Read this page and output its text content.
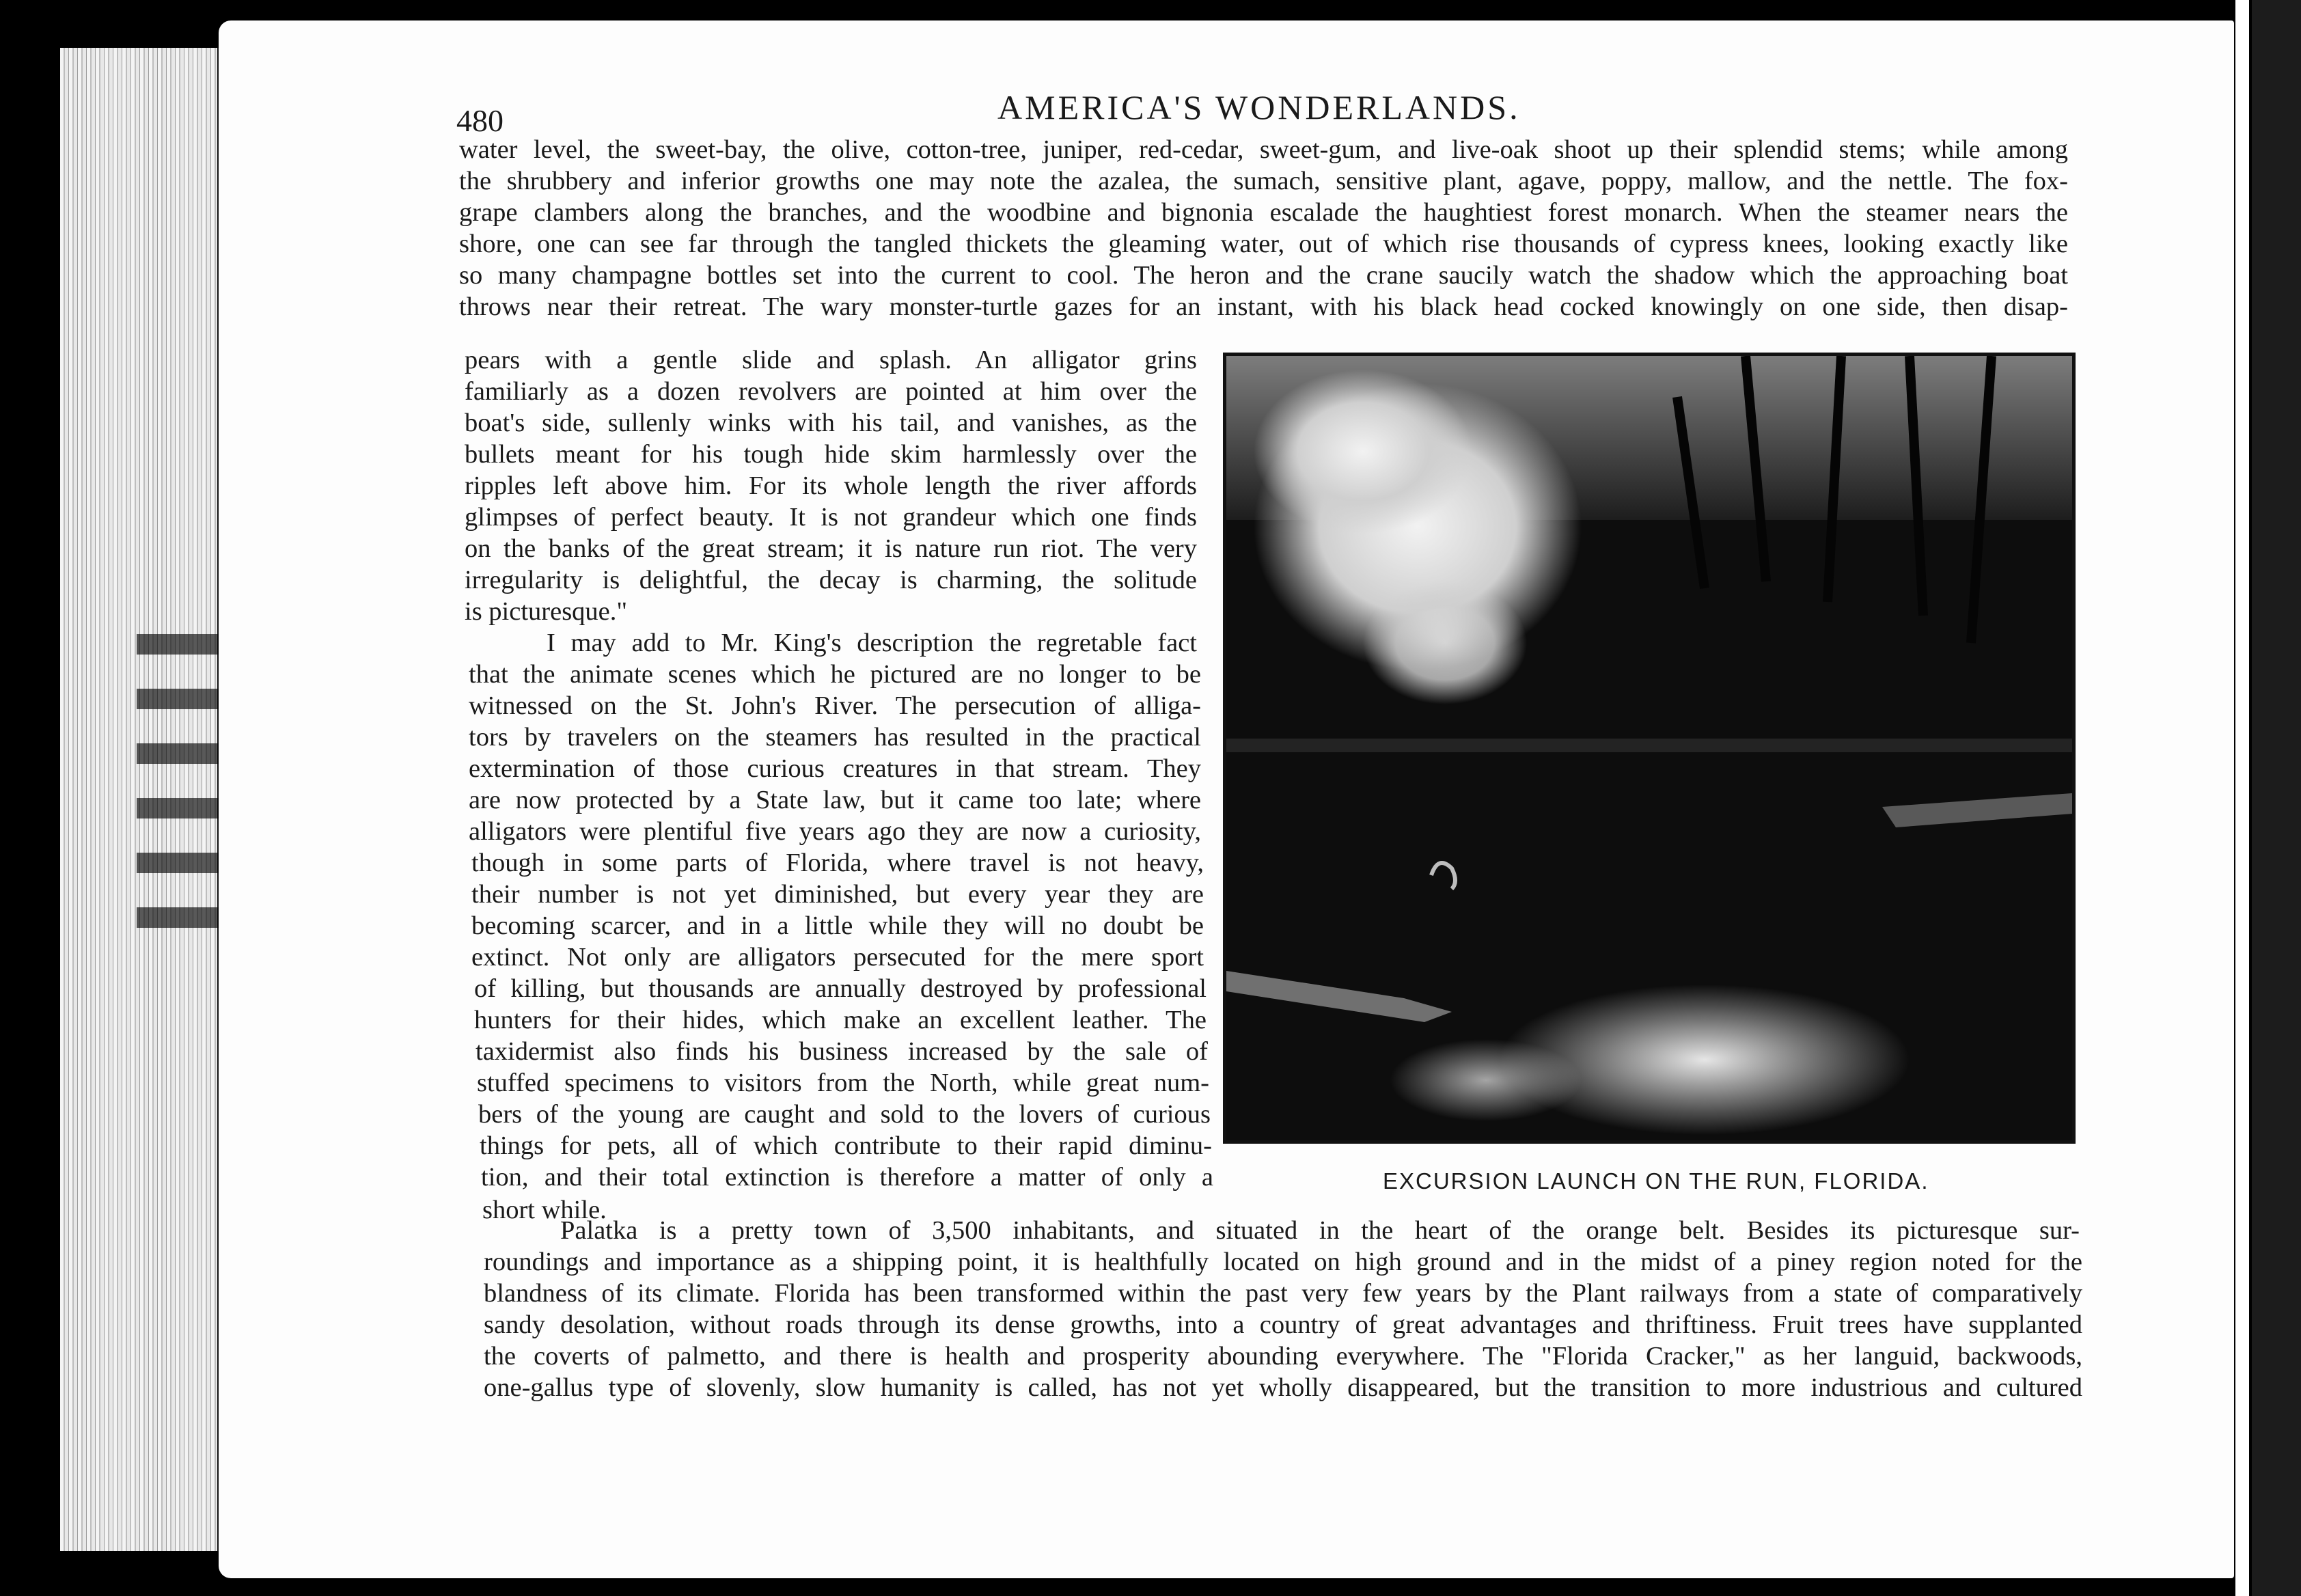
480	AMERICA'S WONDERLANDS.
water level, the sweet-bay, the olive, cotton-tree, juniper, red-cedar, sweet-gum, and live-oak shoot up their splendid stems; while among
the shrubbery and inferior growths one may note the azalea, the sumach, sensitive plant, agave, poppy, mallow, and the nettle. The fox-
grape clambers along the branches, and the woodbine and bignonia escalade the haughtiest forest monarch. When the steamer nears the
shore, one can see far through the tangled thickets the gleaming water, out of which rise thousands of cypress knees, looking exactly like
so many champagne bottles set into the current to cool. The heron and the crane saucily watch the shadow which the approaching boat
throws near their retreat. The wary monster-turtle gazes for an instant, with his black head cocked knowingly on one side, then disap-
pears with a gentle slide and splash. An alligator grins
familiarly as a dozen revolvers are pointed at him over the
boat's side, sullenly winks with his tail, and vanishes, as the
bullets meant for his tough hide skim harmlessly over the
ripples left above him. For its whole length the river affords
glimpses of perfect beauty. It is not grandeur which one finds
on the banks of the great stream; it is nature run riot. The very
irregularity is delightful, the decay is charming, the solitude
is picturesque."
I may add to Mr. King's description the regretable fact
that the animate scenes which he pictured are no longer to be
witnessed on the St. John's River. The persecution of alliga-
tors by travelers on the steamers has resulted in the practical
extermination of those curious creatures in that stream. They
are now protected by a State law, but it came too late; where
alligators were plentiful five years ago they are now a curiosity,
though in some parts of Florida, where travel is not heavy,
their number is not yet diminished, but every year they are
becoming scarcer, and in a little while they will no doubt be
extinct. Not only are alligators persecuted for the mere sport
of killing, but thousands are annually destroyed by professional
hunters for their hides, which make an excellent leather. The
taxidermist also finds his business increased by the sale of
stuffed specimens to visitors from the North, while great num-
bers of the young are caught and sold to the lovers of curious
things for pets, all of which contribute to their rapid diminu-
tion, and their total extinction is therefore a matter of only a
short while.
EXCURSION LAUNCH ON THE RUN, FLORIDA.
Palatka is a pretty town of 3,500 inhabitants, and situated in the heart of the orange belt. Besides its picturesque sur-
roundings and importance as a shipping point, it is healthfully located on high ground and in the midst of a piney region noted for the
blandness of its climate. Florida has been transformed within the past very few years by the Plant railways from a state of comparatively
sandy desolation, without roads through its dense growths, into a country of great advantages and thriftiness. Fruit trees have supplanted
the coverts of palmetto, and there is health and prosperity abounding everywhere. The "Florida Cracker," as her languid, backwoods,
one-gallus type of slovenly, slow humanity is called, has not yet wholly disappeared, but the transition to more industrious and cultured
